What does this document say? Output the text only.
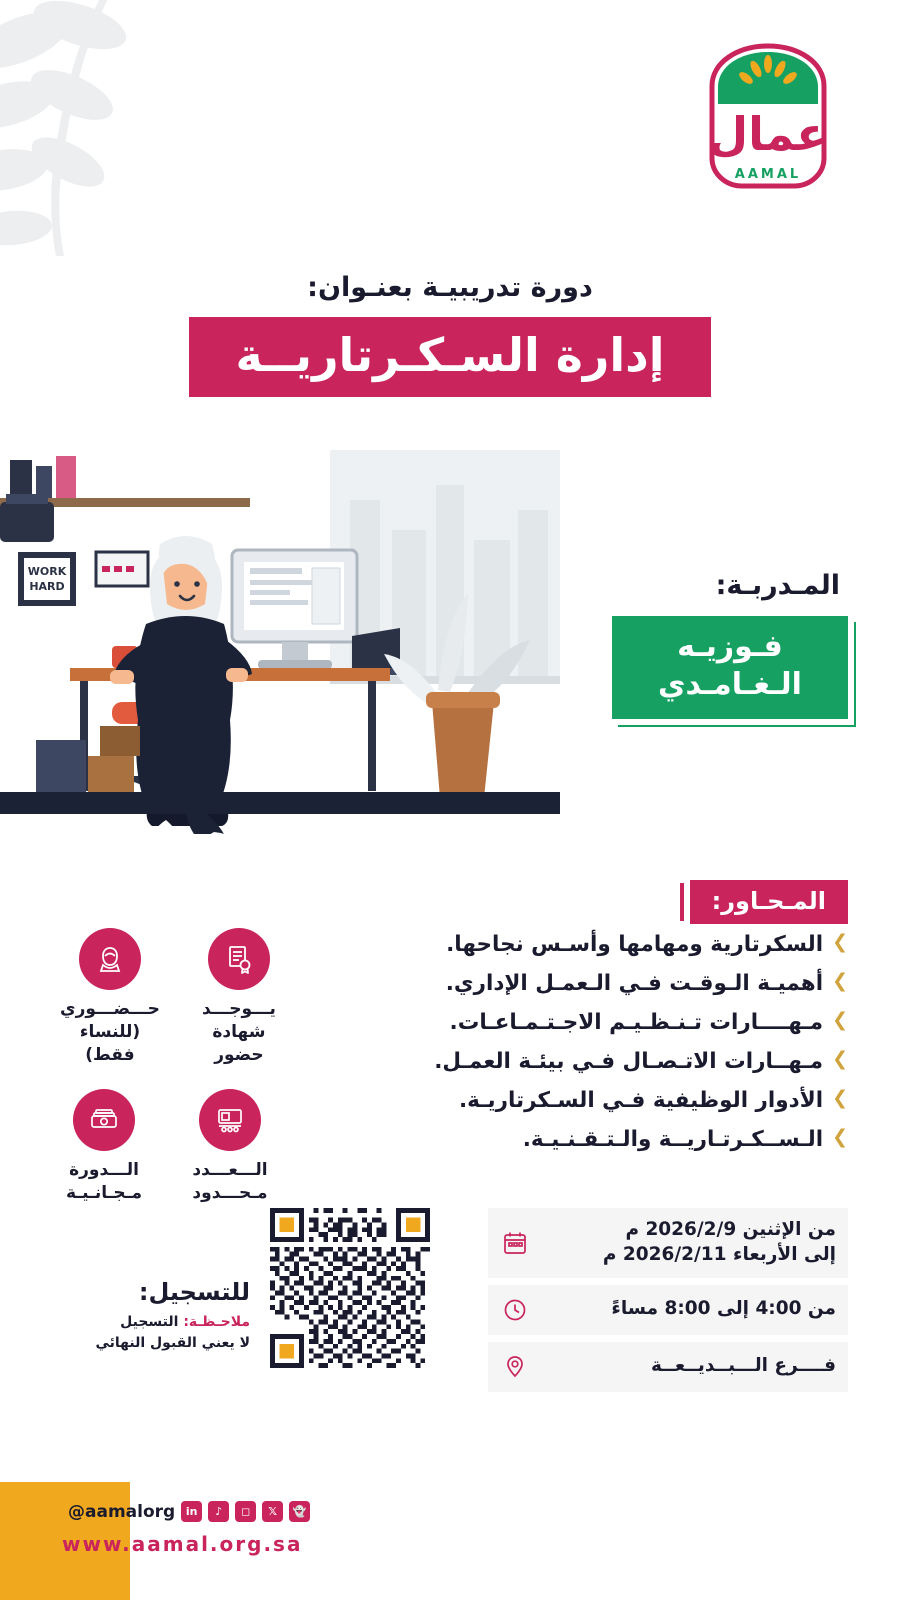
عمال
AAMAL
دورة تدريبيـة بعنـوان:
إدارة السـكـرتاريــة
WORK
HARD	المـدربـة:
فـوزيـه
الـغـامـدي
المـحـاور:
❯
السكرتارية ومهامها وأسـس نجاحها.
❯
أهميـة الـوقـت فـي الـعمـل الإداري.
❯
مـهــــارات تـنـظـيـم الاجـتـمـاعـات.
❯
مـهــارات الاتـصـال فـي بيئـة العمـل.
❯
الأدوار الوظيفية فـي السـكرتاريـة.
❯
الـســكـرتـاريــة والـتـقـنـيـة.
يـــوجـــد
شهادة حضور
حـــضـــوري
(للنساء فقط)
الـــعـــدد
مـحـــدود
الـــدورة
مـجـانـيـة
من الإثنين 2026/2/9 م
إلى الأربعاء 2026/2/11 م
من 4:00 إلى 8:00 مساءً
فــــرع الـــبــديــعــة
للتسجيل:
ملاحـظـة: التسجيل
لا يعني القبول النهائي
👻
𝕏
◻
♪
in
@aamalorg
www.aamal.org.sa
